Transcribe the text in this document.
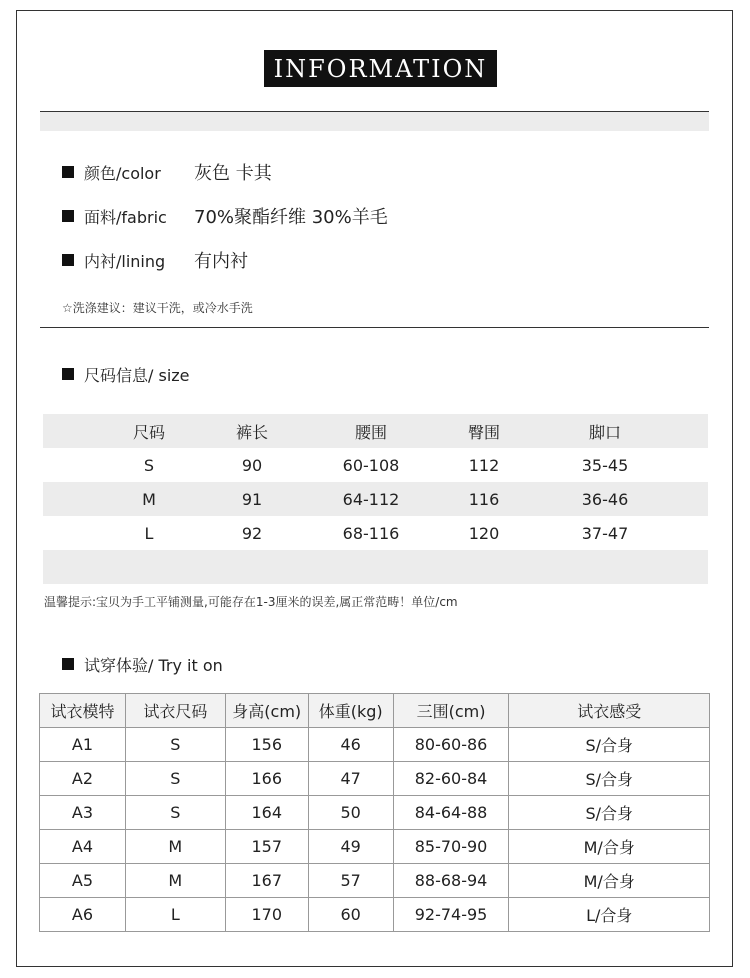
INFORMATION
颜色/color	灰色 卡其
面料/fabric	70%聚酯纤维 30%羊毛
内衬/lining	有内衬
☆洗涤建议：建议干洗，或冷水手洗
尺码信息/ size
尺码	裤长	腰围	臀围	脚口
S	90	60-108	112	35-45
M	91	64-112	116	36-46
L	92	68-116	120	37-47
温馨提示:宝贝为手工平铺测量,可能存在1-3厘米的误差,属正常范畴！单位/cm
试穿体验/ Try it on
试衣模特	试衣尺码	身高(cm)	体重(kg)	三围(cm)	试衣感受
A1	S	156	46	80-60-86	S/合身
A2	S	166	47	82-60-84	S/合身
A3	S	164	50	84-64-88	S/合身
A4	M	157	49	85-70-90	M/合身
A5	M	167	57	88-68-94	M/合身
A6	L	170	60	92-74-95	L/合身
